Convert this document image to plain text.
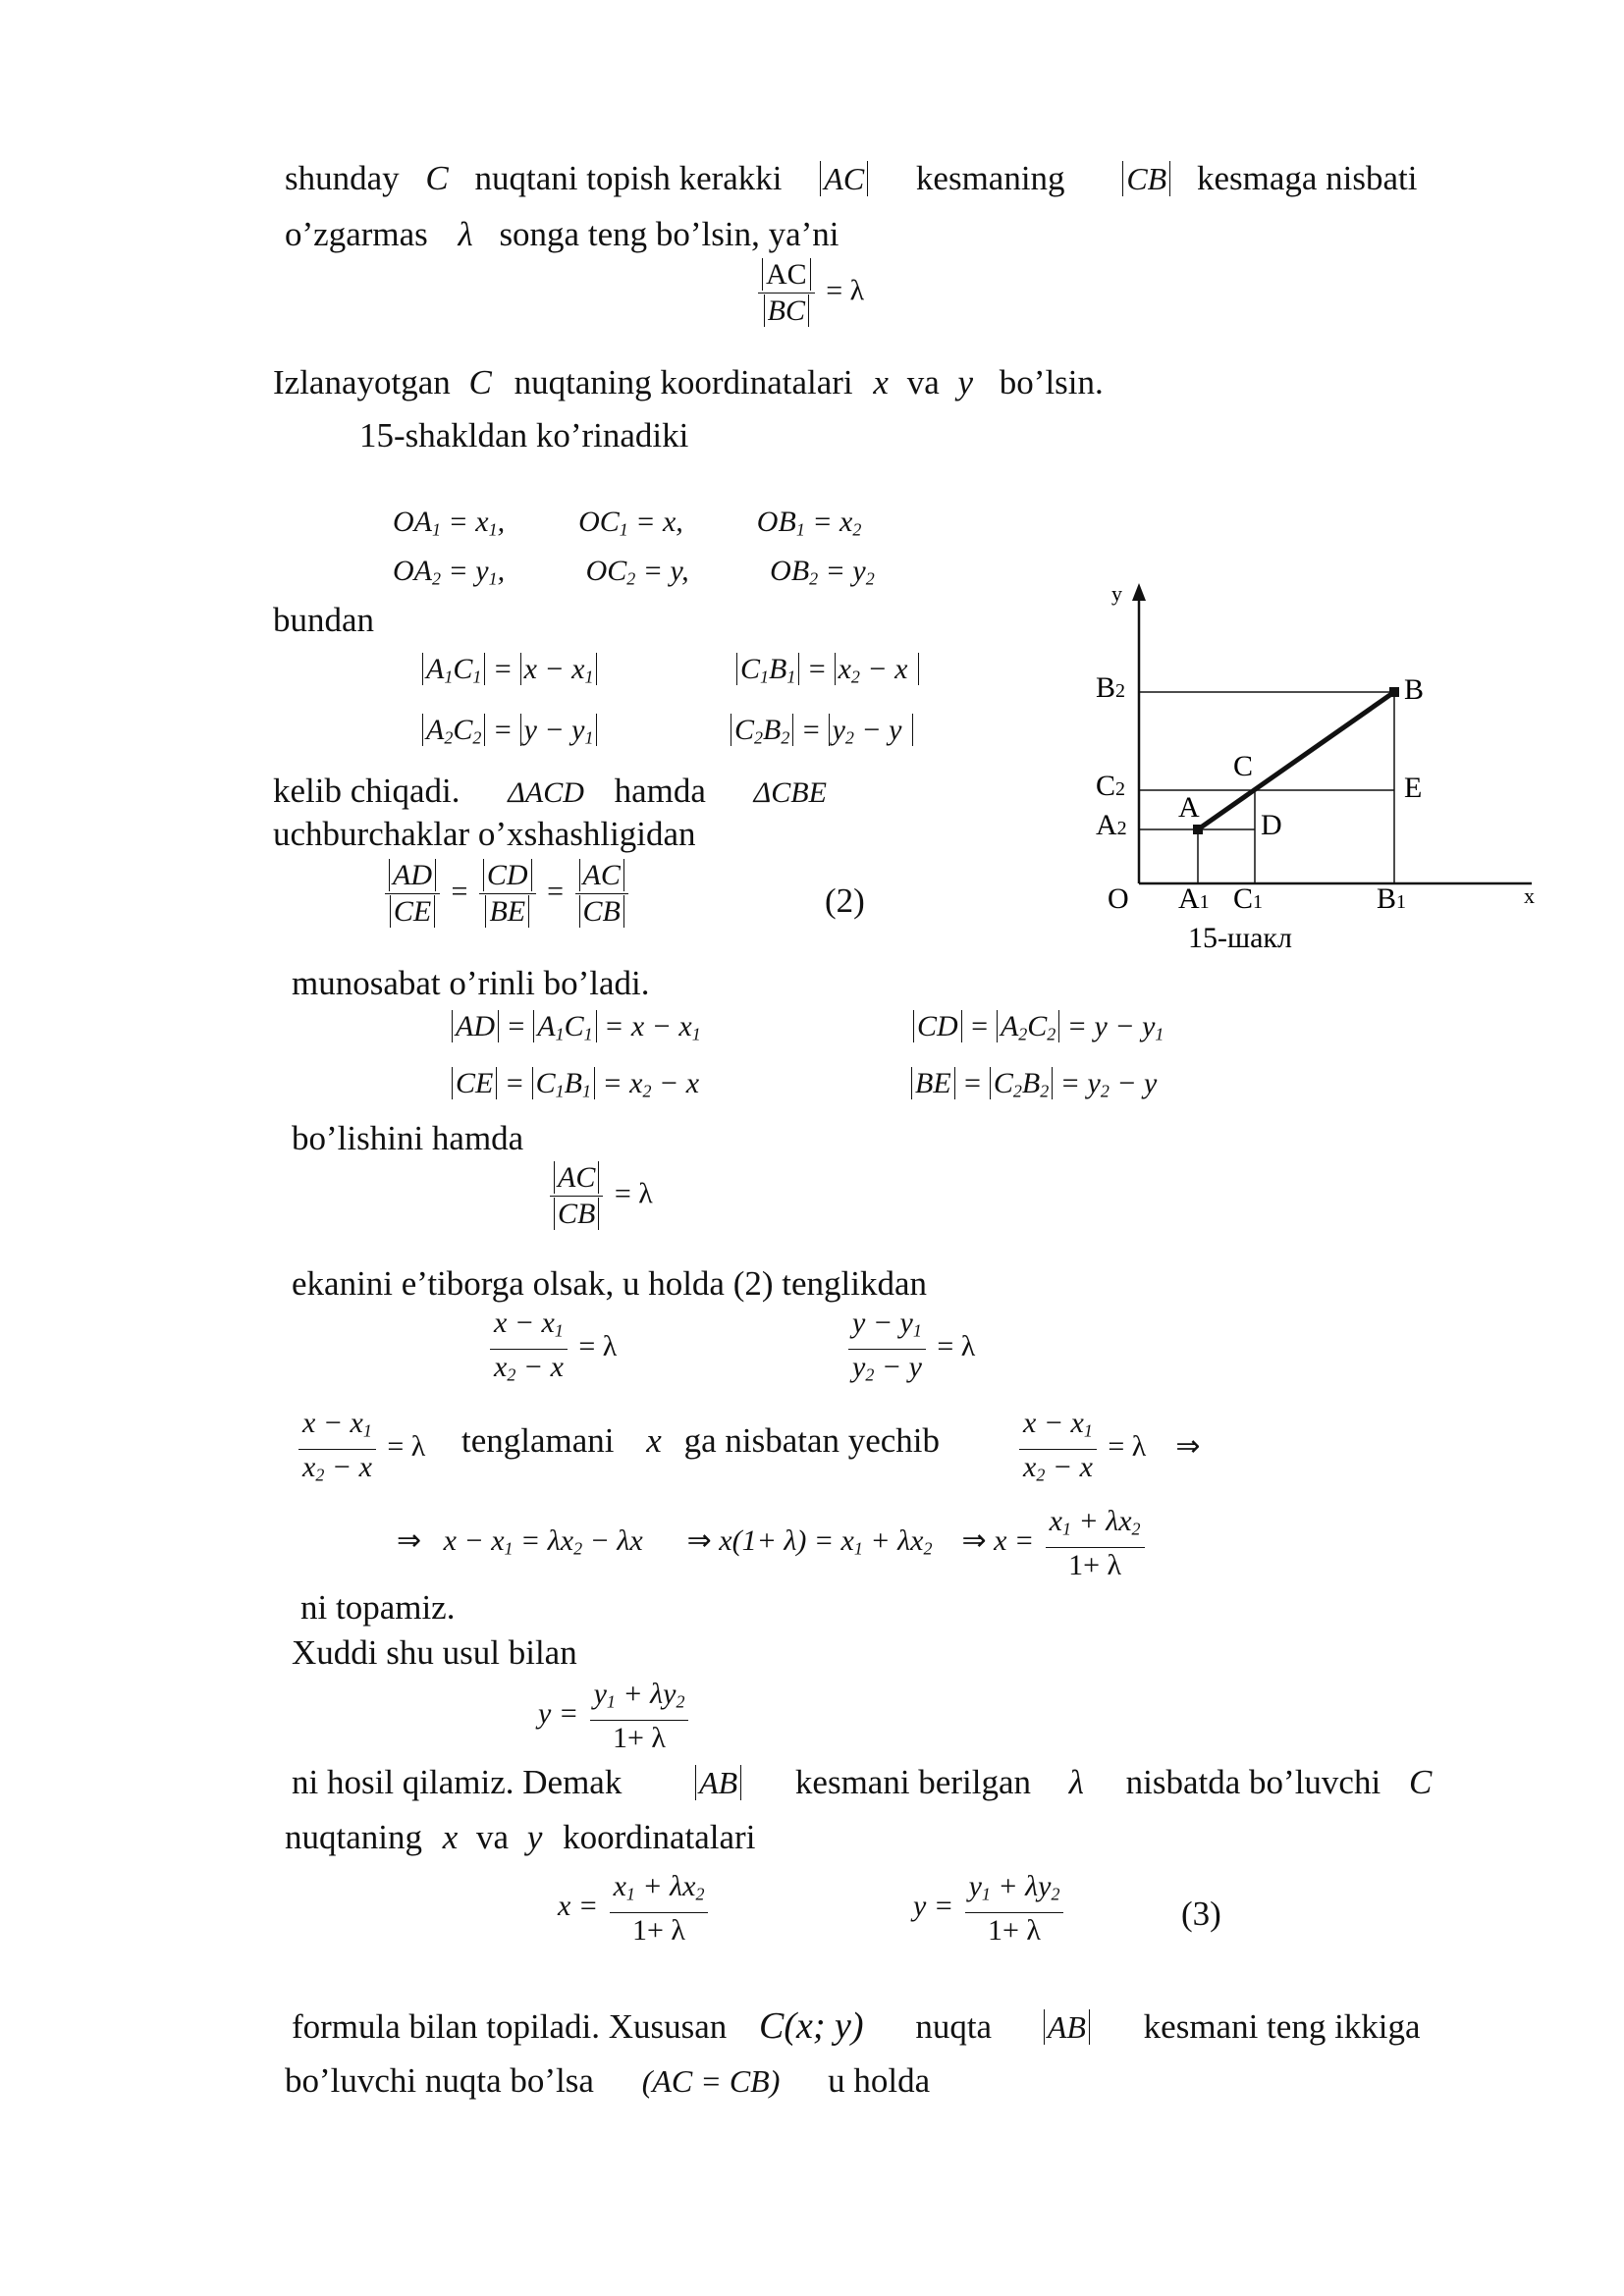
shunday C nuqtani topish kerakki AC kesmaning CB kesmaga nisbati
o’zgarmas λ songa teng bo’lsin, ya’ni
$\frac{AC}{BC} = \lambda$
Izlanayotgan C nuqtaning koordinatalari x va y bo’lsin.
15-shakldan ko’rinadiki
$OA_1 = x_1$,          $OC_1 = x$,          $OB_1 = x_2$
$OA_2 = y_1$,           $OC_2 = y$,           $OB_2 = y_2$
bundan
$A_1C_1 = x - x_1$	$C_1B_1 = x_2 - x$
$A_2C_2 = y - y_1$	$C_2B_2 = y_2 - y$
kelib chiqadi. ΔACD hamda ΔCBE
uchburchaklar o’xshashligidan
$\frac{AD}{CE} = \frac{CD}{BE} = \frac{AC}{CB}$	(2)
munosabat o’rinli bo’ladi.
AD = $A_1C_1 = x - x_1$	CD = $A_2C_2 = y - y_1$
CE = $C_1B_1 = x_2 - x$	BE = $C_2B_2 = y_2 - y$
bo’lishini hamda
$\frac{AC}{CB} = \lambda$
ekanini e’tiborga olsak, u holda (2) tenglikdan
$\frac{x - x_1}{x_2 - x} = \lambda$	$\frac{y - y_1}{y_2 - y} = \lambda$
$\frac{x - x_1}{x_2 - x} = \lambda$ tenglamani x ga nisbatan yechib	$\frac{x - x_1}{x_2 - x} = \lambda$    ⇒
⇒   $x - x_1 = \lambda x_2 - \lambda x$      ⇒ $x(1+ \lambda) = x_1 + \lambda x_2$ ⇒ $x = \frac{x_1 + \lambda x_2}{1+ \lambda}$
ni topamiz.
Xuddi shu usul bilan
$y = \frac{y_1 + \lambda y_2}{1+ \lambda}$
ni hosil qilamiz. Demak AB kesmani berilgan λ nisbatda bo’luvchi C
nuqtaning x va y koordinatalari
$x = \frac{x_1 + \lambda x_2}{1+ \lambda}$	$y = \frac{y_1 + \lambda y_2}{1+ \lambda}$	(3)
formula bilan topiladi. Xususan C(x; y) nuqta AB kesmani teng ikkiga
bo’luvchi nuqta bo’lsa (AC = CB) u holda
y
x
O
B
C
A
D
E
B2
C2
A2
A1 C1	B1
15-шакл
